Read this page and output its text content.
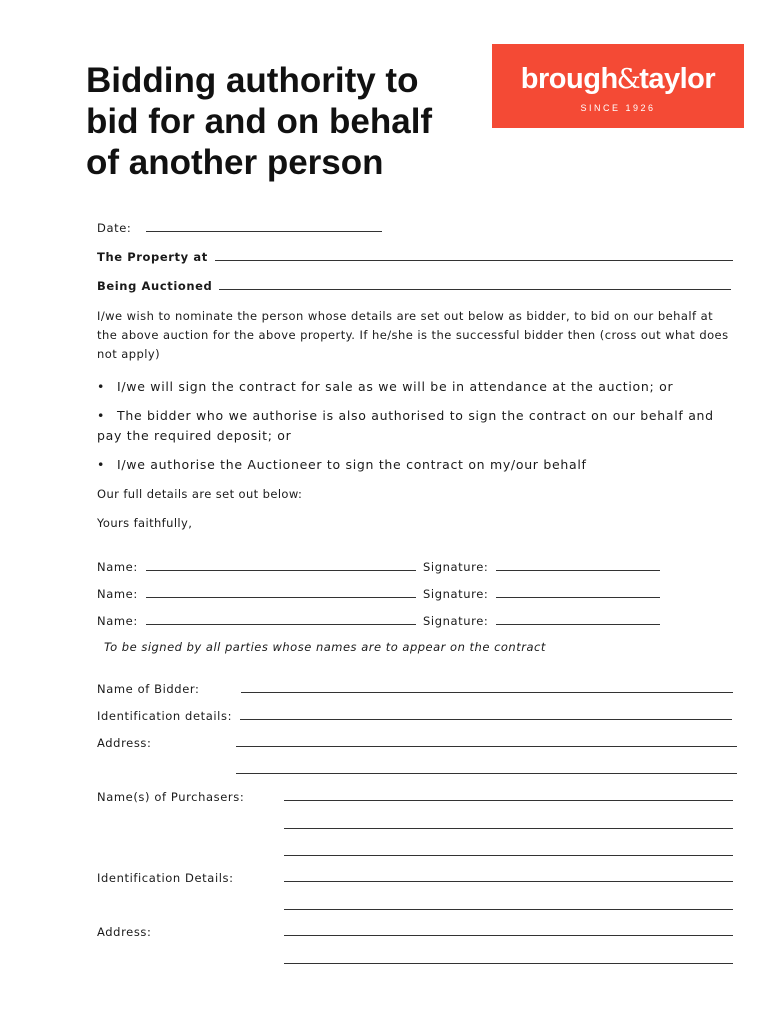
Bidding authority to
bid for and on behalf
of another person
brough&taylor
SINCE 1926
Date:
The Property at
Being Auctioned
I/we wish to nominate the person whose details are set out below as bidder, to bid on our behalf at the above auction for the above property. If he/she is the successful bidder then (cross out what does not apply)
• I/we will sign the contract for sale as we will be in attendance at the auction; or
• The bidder who we authorise is also authorised to sign the contract on our behalf and pay the required deposit; or
• I/we authorise the Auctioneer to sign the contract on my/our behalf
Our full details are set out below:
Yours faithfully,
Name:	Signature:
Name:	Signature:
Name:	Signature:
To be signed by all parties whose names are to appear on the contract
Name of Bidder:
Identification details:
Address:
Name(s) of Purchasers:
Identification Details:
Address:
